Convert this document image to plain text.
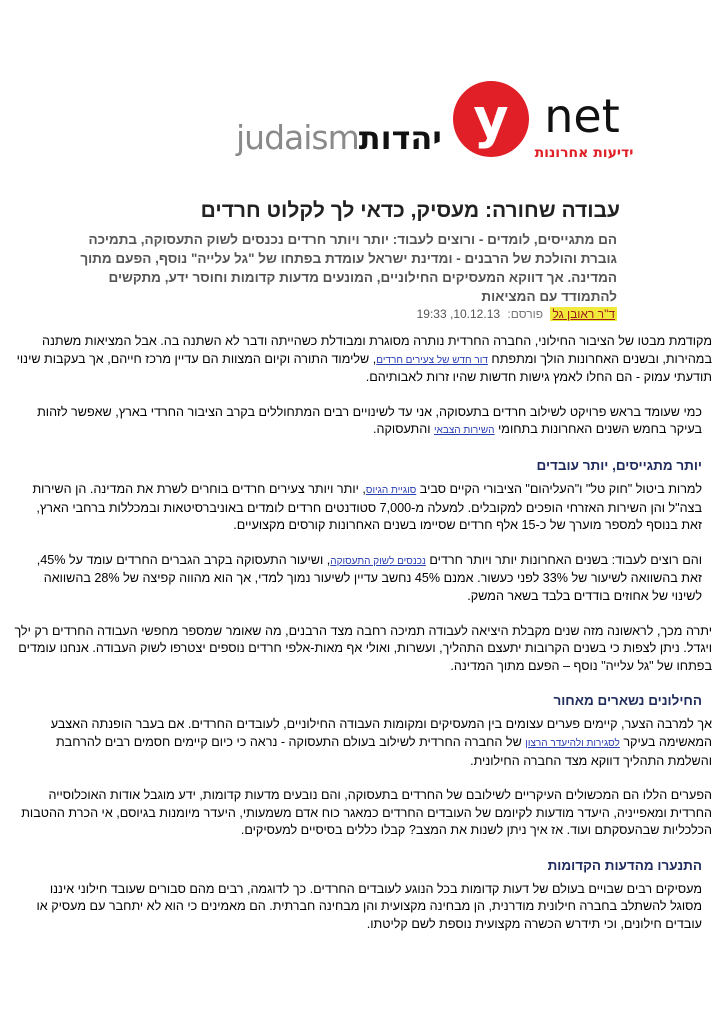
judaism יהדות y net
ידיעות אחרונות
עבודה שחורה: מעסיק, כדאי לך לקלוט חרדים
הם מתגייסים, לומדים - ורוצים לעבוד: יותר ויותר חרדים נכנסים לשוק התעסוקה, בתמיכה גוברת והולכת של הרבנים - ומדינת ישראל עומדת בפתחו של "גל עלייה" נוסף, הפעם מתוך המדינה. אך דווקא המעסיקים החילוניים, המונעים מדעות קדומות וחוסר ידע, מתקשים להתמודד עם המציאות
ד"ר ראובן גל פורסם: 10.12.13, 19:33

מקודמת מבטו של הציבור החילוני, החברה החרדית נותרה מסוגרת ומבודלת כשהייתה ודבר לא השתנה בה. אבל המציאות משתנה במהירות, ובשנים האחרונות הולך ומתפתח דור חדש של צעירים חרדים, שלימוד התורה וקיום המצוות הם עדיין מרכז חייהם, אך בעקבות שינוי תודעתי עמוק - הם החלו לאמץ גישות חדשות שהיו זרות לאבותיהם.

כמי שעומד בראש פרויקט לשילוב חרדים בתעסוקה, אני עד לשינויים רבים המתחוללים בקרב הציבור החרדי בארץ, שאפשר לזהות בעיקר בחמש השנים האחרונות בתחומי השירות הצבאי והתעסוקה.

יותר מתגייסים, יותר עובדים

למרות ביטול "חוק טל" ו"העליהום" הציבורי הקיים סביב סוגיית הגיוס, יותר ויותר צעירים חרדים בוחרים לשרת את המדינה. הן השירות בצה"ל והן השירות האזרחי הופכים למקובלים. למעלה מ-7,000 סטודנטים חרדים לומדים באוניברסיטאות ובמכללות ברחבי הארץ, זאת בנוסף למספר מוערך של כ-15 אלף חרדים שסיימו בשנים האחרונות קורסים מקצועיים.

והם רוצים לעבוד: בשנים האחרונות יותר ויותר חרדים נכנסים לשוק התעסוקה, ושיעור התעסוקה בקרב הגברים החרדים עומד על 45%, זאת בהשוואה לשיעור של 33% לפני כעשור. אמנם 45% נחשב עדיין לשיעור נמוך למדי, אך הוא מהווה קפיצה של 28% בהשוואה לשינוי של אחוזים בודדים בלבד בשאר המשק.

יתרה מכך, לראשונה מזה שנים מקבלת היציאה לעבודה תמיכה רחבה מצד הרבנים, מה שאומר שמספר מחפשי העבודה החרדים רק ילך ויגדל. ניתן לצפות כי בשנים הקרובות יתעצם התהליך, ועשרות, ואולי אף מאות-אלפי חרדים נוספים יצטרפו לשוק העבודה. אנחנו עומדים בפתחו של "גל עלייה" נוסף – הפעם מתוך המדינה.

החילונים נשארים מאחור

אך למרבה הצער, קיימים פערים עצומים בין המעסיקים ומקומות העבודה החילוניים, לעובדים החרדים. אם בעבר הופנתה האצבע המאשימה בעיקר לסגירות ולהיעדר הרצון של החברה החרדית לשילוב בעולם התעסוקה - נראה כי כיום קיימים חסמים רבים להרחבת והשלמת התהליך דווקא מצד החברה החילונית.

הפערים הללו הם המכשולים העיקריים לשילובם של החרדים בתעסוקה, והם נובעים מדעות קדומות, ידע מוגבל אודות האוכלוסייה החרדית ומאפייניה, היעדר מודעות לקיומם של העובדים החרדים כמאגר כוח אדם משמעותי, היעדר מיומנות בגיוסם, אי הכרת ההטבות הכלכליות שבהעסקתם ועוד. אז איך ניתן לשנות את המצב? קבלו כללים בסיסיים למעסיקים.

התנערו מהדעות הקדומות

מעסיקים רבים שבויים בעולם של דעות קדומות בכל הנוגע לעובדים החרדים. כך לדוגמה, רבים מהם סבורים שעובד חילוני איננו מסוגל להשתלב בחברה חילונית מודרנית, הן מבחינה מקצועית והן מבחינה חברתית. הם מאמינים כי הוא לא יתחבר עם מעסיק או עובדים חילונים, וכי תידרש הכשרה מקצועית נוספת לשם קליטתו.
